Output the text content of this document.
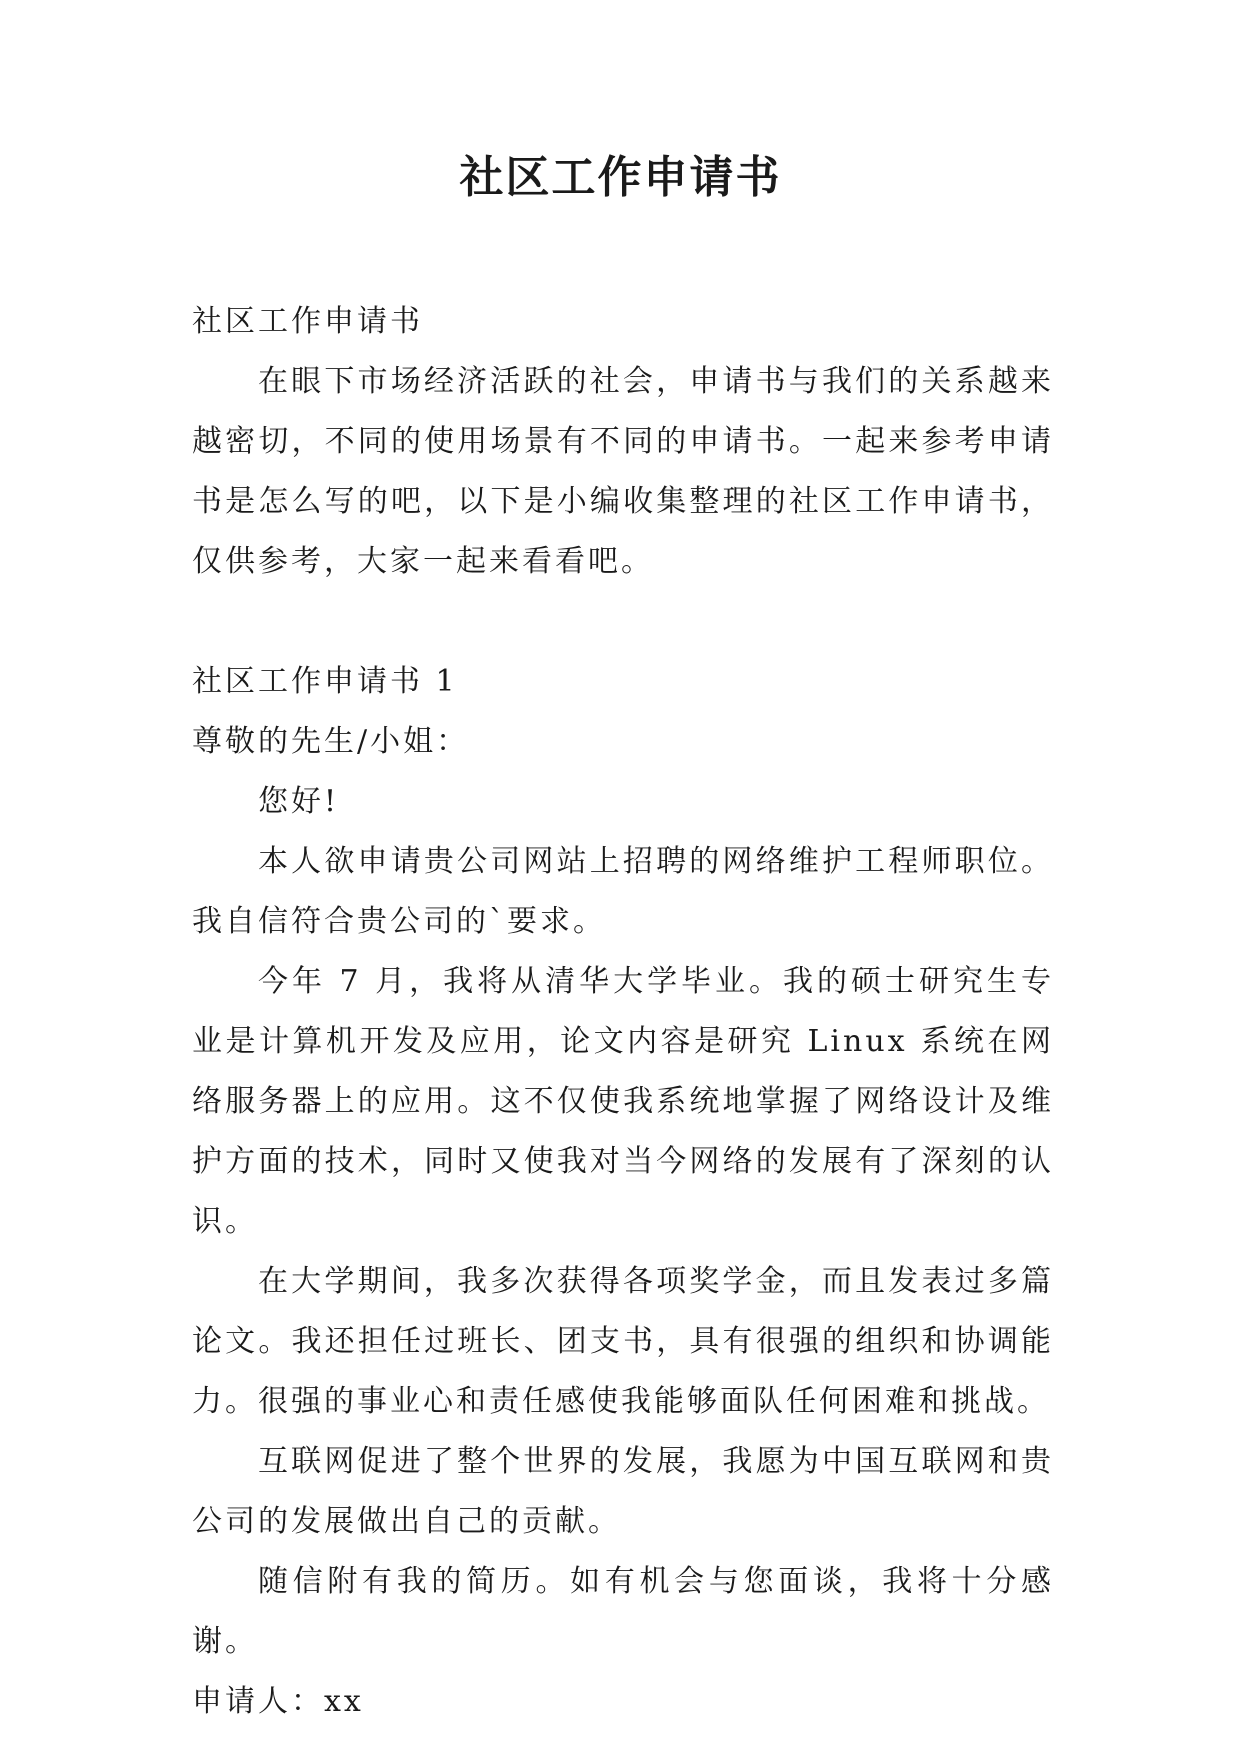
社区工作申请书

社区工作申请书

在眼下市场经济活跃的社会，申请书与我们的关系越来越密切，不同的使用场景有不同的申请书。一起来参考申请书是怎么写的吧，以下是小编收集整理的社区工作申请书，仅供参考，大家一起来看看吧。

社区工作申请书 1

尊敬的先生/小姐：

您好!

本人欲申请贵公司网站上招聘的网络维护工程师职位。我自信符合贵公司的`要求。

今年 7 月，我将从清华大学毕业。我的硕士研究生专业是计算机开发及应用，论文内容是研究 Linux 系统在网络服务器上的应用。这不仅使我系统地掌握了网络设计及维护方面的技术，同时又使我对当今网络的发展有了深刻的认识。

在大学期间，我多次获得各项奖学金，而且发表过多篇论文。我还担任过班长、团支书，具有很强的组织和协调能力。很强的事业心和责任感使我能够面队任何困难和挑战。

互联网促进了整个世界的发展，我愿为中国互联网和贵公司的发展做出自己的贡献。

随信附有我的简历。如有机会与您面谈，我将十分感谢。

申请人：xx
